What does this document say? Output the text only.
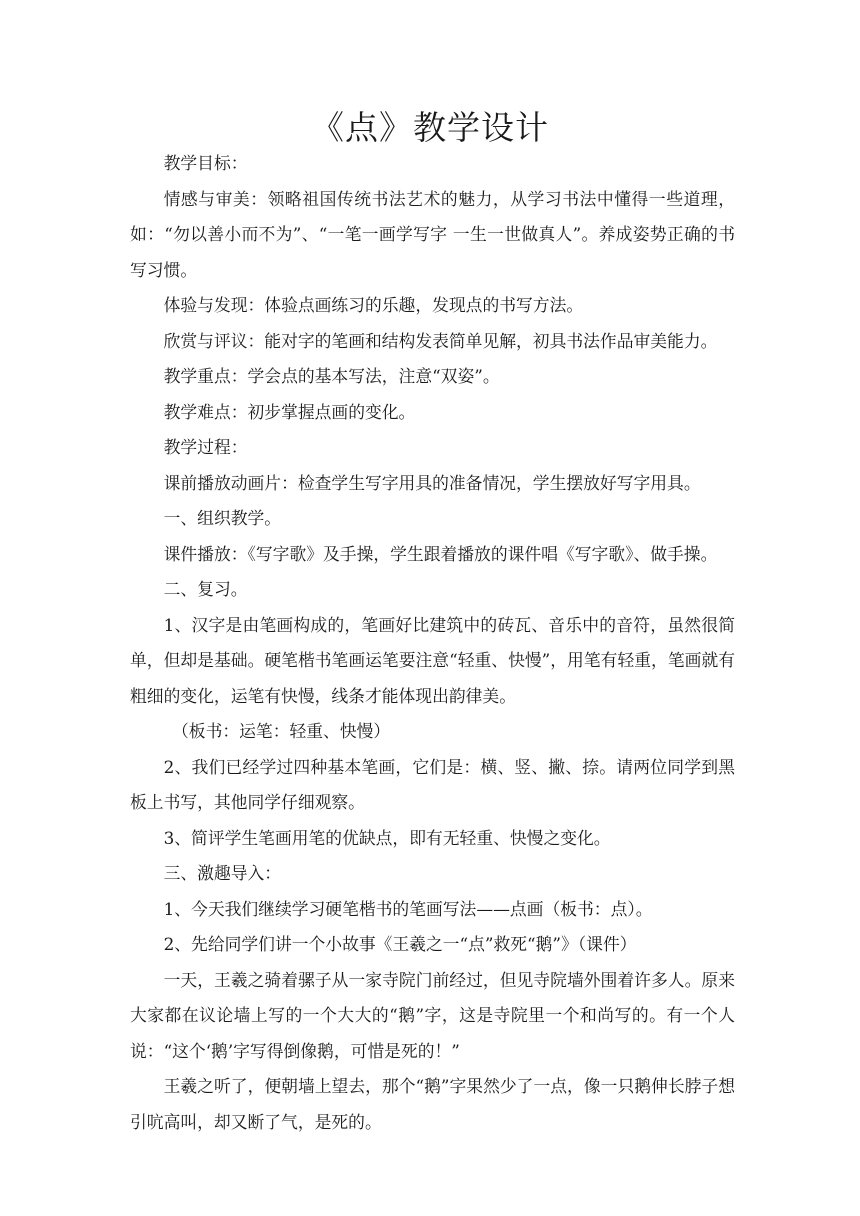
《点》教学设计

教学目标：

情感与审美：领略祖国传统书法艺术的魅力，从学习书法中懂得一些道理，如：“勿以善小而不为”、“一笔一画学写字 一生一世做真人”。养成姿势正确的书写习惯。

体验与发现：体验点画练习的乐趣，发现点的书写方法。

欣赏与评议：能对字的笔画和结构发表简单见解，初具书法作品审美能力。

教学重点：学会点的基本写法，注意“双姿”。

教学难点：初步掌握点画的变化。

教学过程：

课前播放动画片：检查学生写字用具的准备情况，学生摆放好写字用具。

一、组织教学。

课件播放：《写字歌》及手操，学生跟着播放的课件唱《写字歌》、做手操。

二、复习。

1、汉字是由笔画构成的，笔画好比建筑中的砖瓦、音乐中的音符，虽然很简单，但却是基础。硬笔楷书笔画运笔要注意“轻重、快慢”，用笔有轻重，笔画就有粗细的变化，运笔有快慢，线条才能体现出韵律美。

（板书：运笔：轻重、快慢）

2、我们已经学过四种基本笔画，它们是：横、竖、撇、捺。请两位同学到黑板上书写，其他同学仔细观察。

3、简评学生笔画用笔的优缺点，即有无轻重、快慢之变化。

三、激趣导入：

1、今天我们继续学习硬笔楷书的笔画写法——点画（板书：点）。

2、先给同学们讲一个小故事《王羲之一“点”救死“鹅”》（课件）

一天，王羲之骑着骡子从一家寺院门前经过，但见寺院墙外围着许多人。原来大家都在议论墙上写的一个大大的“鹅”字，这是寺院里一个和尚写的。有一个人说：“这个‘鹅’字写得倒像鹅，可惜是死的！”

王羲之听了，便朝墙上望去，那个“鹅”字果然少了一点，像一只鹅伸长脖子想引吭高叫，却又断了气，是死的。
